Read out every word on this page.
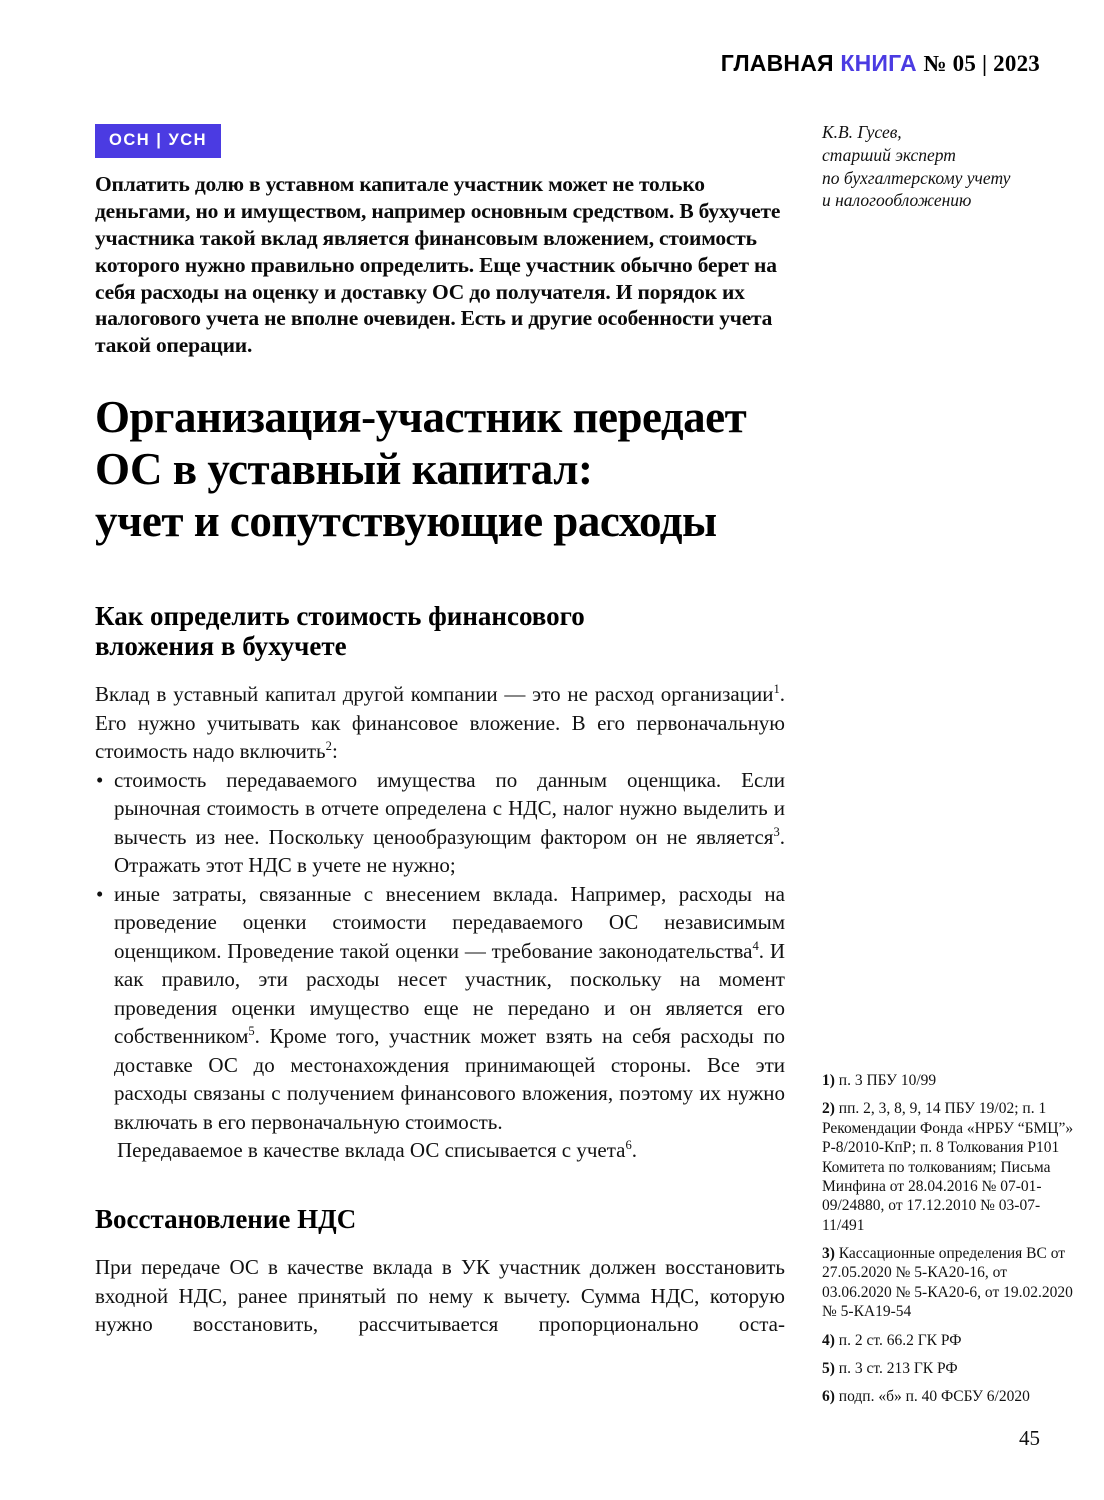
ГЛАВНАЯ КНИГА № 05 | 2023
К.В. Гусев,
старший эксперт
по бухгалтерскому учету
и налогообложению
ОСН | УСН

Оплатить долю в уставном капитале участник может не только деньгами, но и имуществом, например основным средством. В бухучете участника такой вклад является финансовым вложением, стоимость которого нужно правильно определить. Еще участник обычно берет на себя расходы на оценку и доставку ОС до получателя. И порядок их налогового учета не вполне очевиден. Есть и другие особенности учета такой операции.

Организация-участник передает
ОС в уставный капитал:
учет и сопутствующие расходы
Как определить стоимость финансового
вложения в бухучете

Вклад в уставный капитал другой компании — это не расход организации$^1$. Его нужно учитывать как финансовое вложение. В его первоначальную стоимость надо включить$^2$:

• стоимость передаваемого имущества по данным оценщика. Если рыночная стоимость в отчете определена с НДС, налог нужно выделить и вычесть из нее. Поскольку ценообразующим фактором он не является$^3$. Отражать этот НДС в учете не нужно;
• иные затраты, связанные с внесением вклада. Например, расходы на проведение оценки стоимости передаваемого ОС независимым оценщиком. Проведение такой оценки — требование законодательства$^4$. И как правило, эти расходы несет участник, поскольку на момент проведения оценки имущество еще не передано и он является его собственником$^5$. Кроме того, участник может взять на себя расходы по доставке ОС до местонахождения принимающей стороны. Все эти расходы связаны с получением финансового вложения, поэтому их нужно включать в его первоначальную стоимость.

Передаваемое в качестве вклада ОС списывается с учета$^6$.

Восстановление НДС

При передаче ОС в качестве вклада в УК участник должен восстановить входной НДС, ранее принятый по нему к вычету. Сумма НДС, которую нужно восстановить, рассчитывается пропорционально оста-

1) п. 3 ПБУ 10/99
2) пп. 2, 3, 8, 9, 14 ПБУ 19/02; п. 1 Рекомендации Фонда «НРБУ “БМЦ”» Р-8/2010-КпР; п. 8 Толкования Р101 Комитета по толкованиям; Письма Минфина от 28.04.2016 № 07-01-09/24880, от 17.12.2010 № 03-07-11/491
3) Кассационные определения ВС от 27.05.2020 № 5-КА20-16, от 03.06.2020 № 5-КА20-6, от 19.02.2020 № 5-КА19-54
4) п. 2 ст. 66.2 ГК РФ
5) п. 3 ст. 213 ГК РФ
6) подп. «б» п. 40 ФСБУ 6/2020
45
